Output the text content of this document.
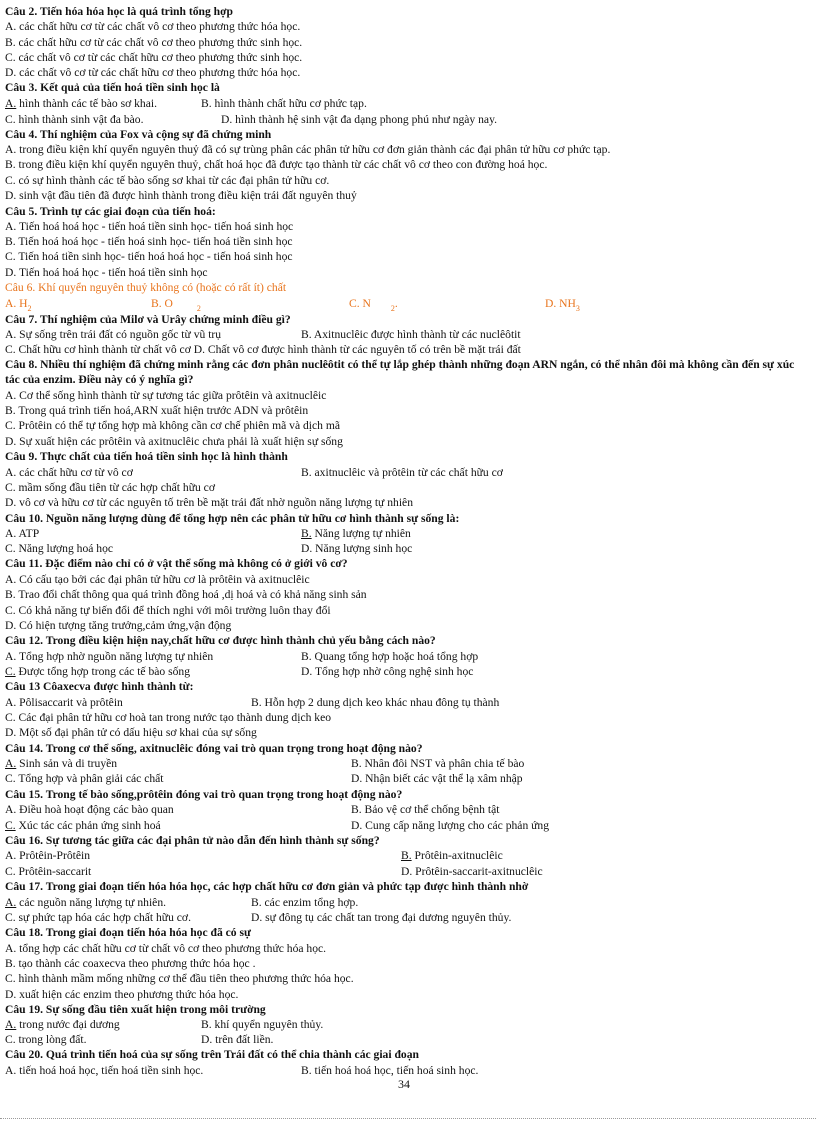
Câu 2. Tiến hóa hóa học là quá trình tổng hợp
A. các chất hữu cơ từ các chất vô cơ theo phương thức hóa học.
B. các chất hữu cơ từ các chất vô cơ theo phương thức sinh học.
C. các chất vô cơ từ các chất hữu cơ theo phương thức sinh học.
D. các chất vô cơ từ các chất hữu cơ theo phương thức hóa học.
Câu 3. Kết quả của tiến hoá tiền sinh học là
A. hình thành các tế bào sơ khai.	B. hình thành chất hữu cơ phức tạp.
C. hình thành sinh vật đa bào.	D. hình thành hệ sinh vật đa dạng phong phú như ngày nay.
Câu 4. Thí nghiệm của Fox và cộng sự đã chứng minh
A. trong điều kiện khí quyển nguyên thuỷ đã có sự trùng phân các phân tử hữu cơ đơn giản thành các đại phân tử hữu cơ phức tạp.
B. trong điều kiện khí quyển nguyên thuỷ, chất hoá học đã được tạo thành từ các chất vô cơ theo con đường hoá học.
C. có sự hình thành các tế bào sống sơ khai từ các đại phân tử hữu cơ.
D. sinh vật đầu tiên đã được hình thành trong điều kiện trái đất nguyên thuỷ
Câu 5. Trình tự các giai đoạn của tiến hoá:
A. Tiến hoá hoá học - tiến hoá tiền sinh học- tiến hoá sinh học
B. Tiến hoá hoá học - tiến hoá sinh học- tiến hoá tiền sinh học
C. Tiến hoá tiền sinh học- tiến hoá hoá học - tiến hoá sinh học
D. Tiến hoá hoá học - tiến hoá tiền sinh học
Câu 6. Khí quyển nguyên thuỷ không có (hoặc có rất ít) chất
A. $H_2$	B. O	$_2$	C. N	$_2$.	D. $NH_3$
Câu 7. Thí nghiệm của Milơ và Urây chứng minh điều gì?
A. Sự sống trên trái đất có nguồn gốc từ vũ trụ	B. Axitnuclêic được hình thành từ các nuclêôtit
C. Chất hữu cơ hình thành từ chất vô cơ D. Chất vô cơ được hình thành từ các nguyên tố có trên bề mặt trái đất
Câu 8. Nhiều thí nghiệm đã chứng minh rằng các đơn phân nuclêôtit có thể tự lắp ghép thành những đoạn ARN ngắn, có thể nhân đôi mà không cần đến sự xúc tác của enzim. Điều này có ý nghĩa gì?
A. Cơ thể sống hình thành từ sự tương tác giữa prôtêin và axitnuclêic
B. Trong quá trình tiến hoá,ARN xuất hiện trước ADN và prôtêin
C. Prôtêin có thể tự tổng hợp mà không cần cơ chế phiên mã và dịch mã
D. Sự xuất hiện các prôtêin và axitnuclêic chưa phải là xuất hiện sự sống
Câu 9. Thực chất của tiến hoá tiền sinh học là hình thành
A. các chất hữu cơ từ vô cơ	B. axitnuclêic và prôtêin từ các chất hữu cơ
C. mầm sống đầu tiên từ các hợp chất hữu cơ
D. vô cơ và hữu cơ từ các nguyên tố trên bề mặt trái đất nhờ nguồn năng lượng tự nhiên
Câu 10. Nguồn năng lượng dùng để tổng hợp nên các phân tử hữu cơ hình thành sự sống là:
A. ATP	B. Năng lượng tự nhiên
C. Năng lượng hoá học	D. Năng lượng sinh học
Câu 11. Đặc điểm nào chỉ có ở vật thể sống mà không có ở giới vô cơ?
A. Có cấu tạo bởi các đại phân tử hữu cơ là prôtêin và axitnuclêic
B. Trao đổi chất thông qua quá trình đồng hoá ,dị hoá và có khả năng sinh sản
C. Có khả năng tự biến đổi để thích nghi với môi trường luôn thay đổi
D. Có hiện tượng tăng trưởng,cảm ứng,vận động
Câu 12. Trong điều kiện hiện nay,chất hữu cơ được hình thành chủ yếu bằng cách nào?
A. Tổng hợp nhờ nguồn năng lượng tự nhiên	B. Quang tổng hợp hoặc hoá tổng hợp
C. Được tổng hợp trong các tế bào sống	D. Tổng hợp nhờ công nghệ sinh học
Câu 13 Côaxecva được hình thành từ:
A. Pôlisaccarit và prôtêin	B. Hỗn hợp 2 dung dịch keo khác nhau đông tụ thành
C. Các đại phân tử hữu cơ hoà tan trong nước tạo thành dung dịch keo
D. Một số đại phân tử có dấu hiệu sơ khai của sự sống
Câu 14. Trong cơ thể sống, axitnuclêic đóng vai trò quan trọng trong hoạt động nào?
A. Sinh sản và di truyền	B. Nhân đôi NST và phân chia tế bào
C. Tổng hợp và phân giải các chất	D. Nhận biết các vật thể lạ xâm nhập
Câu 15. Trong tế bào sống,prôtêin đóng vai trò quan trọng trong hoạt động nào?
A. Điều hoà hoạt động các bào quan	B. Bảo vệ cơ thể chống bệnh tật
C. Xúc tác các phản ứng sinh hoá	D. Cung cấp năng lượng cho các phản ứng
Câu 16. Sự tương tác giữa các đại phân tử nào dẫn đến hình thành sự sống?
A. Prôtêin-Prôtêin	B. Prôtêin-axitnuclêic
C. Prôtêin-saccarit	D. Prôtêin-saccarit-axitnuclêic
Câu 17. Trong giai đoạn tiến hóa hóa học, các hợp chất hữu cơ đơn giản và phức tạp được hình thành nhờ
A. các nguồn năng lượng tự nhiên.	B. các enzim tổng hợp.
C. sự phức tạp hóa các hợp chất hữu cơ.	D. sự đông tụ các chất tan trong đại dương nguyên thủy.
Câu 18. Trong giai đoạn tiến hóa hóa học đã có sự
A. tổng hợp các chất hữu cơ từ chất vô cơ theo phương thức hóa học.
B. tạo thành các coaxecva theo phương thức hóa học .
C. hình thành mầm mống những cơ thể đầu tiên theo phương thức hóa học.
D. xuất hiện các enzim theo phương thức hóa học.
Câu 19. Sự sống đầu tiên xuất hiện trong môi trường
A. trong nước đại dương	B. khí quyển nguyên thủy.
C. trong lòng đất.	D. trên đất liền.
Câu 20. Quá trình tiến hoá của sự sống trên Trái đất có thể chia thành các giai đoạn
A. tiến hoá hoá học, tiến hoá tiền sinh học.	B. tiến hoá hoá học, tiến hoá sinh học.
34
